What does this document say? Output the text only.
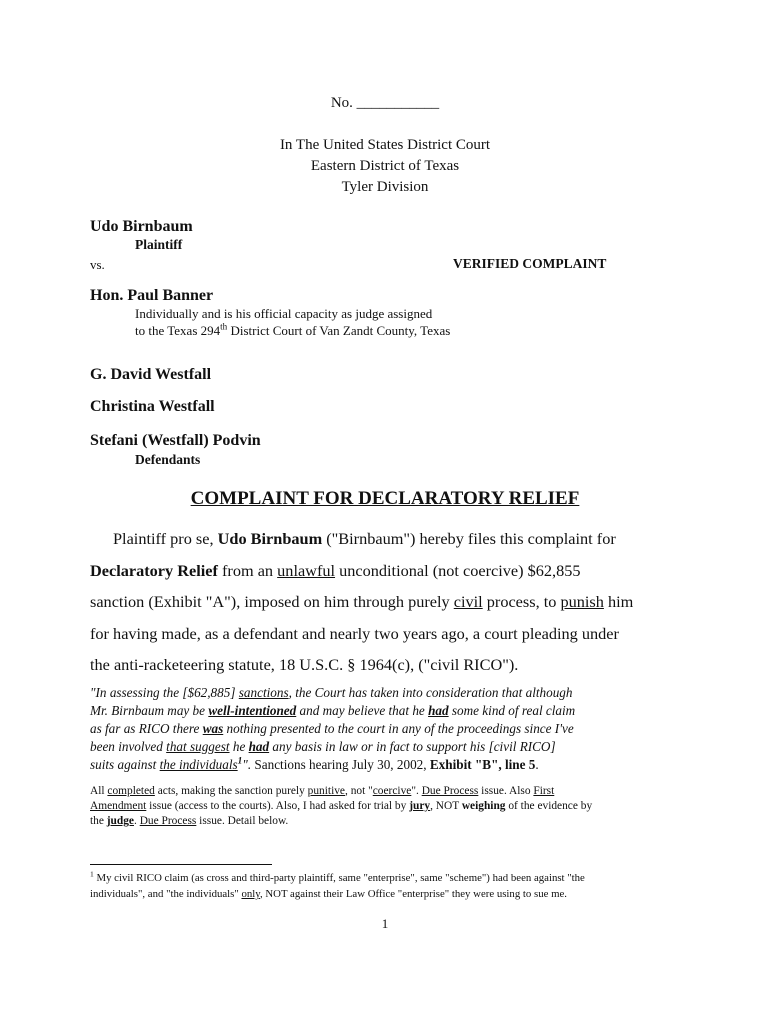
No. ___________
In The United States District Court
Eastern District of Texas
Tyler Division
Udo Birnbaum
Plaintiff
vs.	VERIFIED COMPLAINT
Hon. Paul Banner
Individually and is his official capacity as judge assigned
to the Texas 294th District Court of Van Zandt County, Texas
G. David Westfall
Christina Westfall
Stefani (Westfall) Podvin
Defendants
COMPLAINT FOR DECLARATORY RELIEF
Plaintiff pro se, Udo Birnbaum ("Birnbaum") hereby files this complaint for
Declaratory Relief from an unlawful unconditional (not coercive) $62,855
sanction (Exhibit "A"), imposed on him through purely civil process, to punish him
for having made, as a defendant and nearly two years ago, a court pleading under
the anti-racketeering statute, 18 U.S.C. § 1964(c), ("civil RICO").
"In assessing the [$62,885] sanctions, the Court has taken into consideration that although
Mr. Birnbaum may be well-intentioned and may believe that he had some kind of real claim
as far as RICO there was nothing presented to the court in any of the proceedings since I've
been involved that suggest he had any basis in law or in fact to support his [civil RICO]
suits against the individuals$^1$". Sanctions hearing July 30, 2002, Exhibit "B", line 5.
All completed acts, making the sanction purely punitive, not "coercive". Due Process issue. Also First
Amendment issue (access to the courts). Also, I had asked for trial by jury, NOT weighing of the evidence by
the judge. Due Process issue. Detail below.
$^1$ My civil RICO claim (as cross and third-party plaintiff, same "enterprise", same "scheme") had been against "the
individuals", and "the individuals" only, NOT against their Law Office "enterprise" they were using to sue me.
1
